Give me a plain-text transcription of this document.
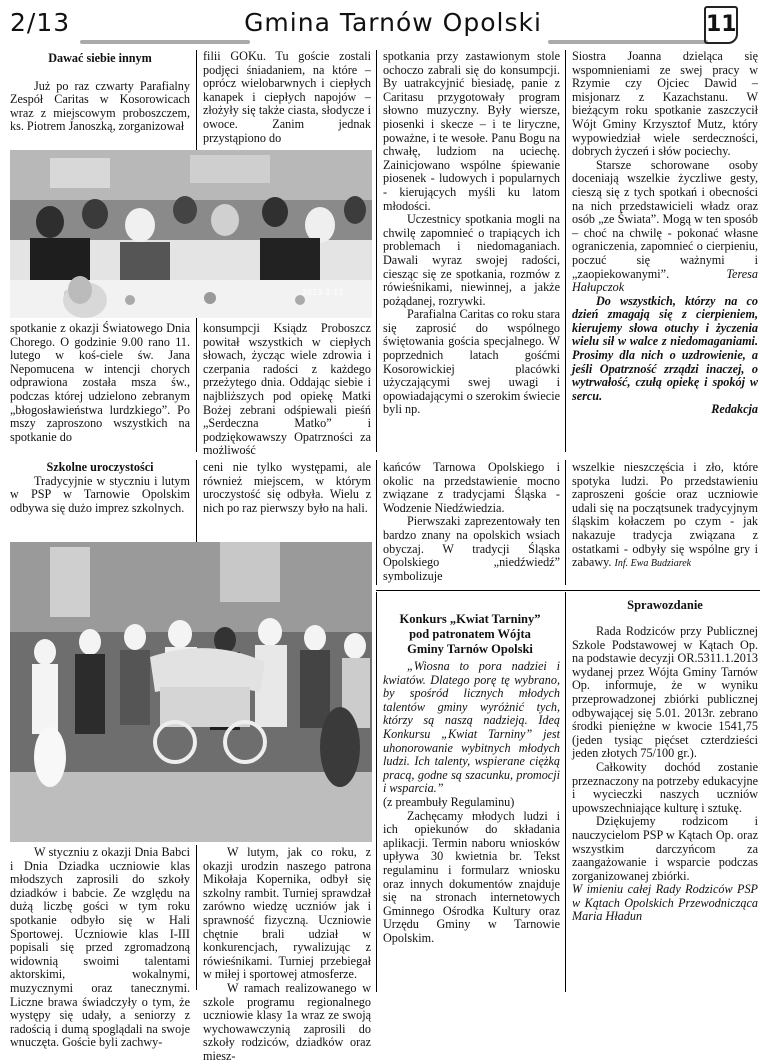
2/13	Gmina Tarnów Opolski	11

Dawać siebie innym

Już po raz czwarty Parafialny Zespół Caritas w Kosorowicach wraz z miejscowym proboszczem, ks. Piotrem Janoszką, zorganizował

filii GOKu. Tu goście zostali podjęci śniadaniem, na które – oprócz wielobarwnych i ciepłych kanapek i ciepłych napojów – złożyły się także ciasta, słodycze i owoce. Zanim jednak przystąpiono do

2013-2-11

spotkanie z okazji Światowego Dnia Chorego. O godzinie 9.00 rano 11. lutego w koś-ciele św. Jana Nepomucena w intencji chorych odprawiona została msza św., podczas której udzielono zebranym „błogosławieństwa lurdzkiego”. Po mszy zaproszono wszystkich na spotkanie do

konsumpcji Ksiądz Proboszcz powitał wszystkich w ciepłych słowach, życząc wiele zdrowia i czerpania radości z każdego przeżytego dnia. Oddając siebie i najbliższych pod opiekę Matki Bożej zebrani odśpiewali pieśń „Serdeczna Matko” i podziękowawszy Opatrzności za możliwość

spotkania przy zastawionym stole ochoczo zabrali się do konsumpcji. By uatrakcyjnić biesiadę, panie z Caritasu przygotowały program słowno muzyczny. Były wiersze, piosenki i skecze – i te liryczne, poważne, i te wesołe. Panu Bogu na chwałę, ludziom na uciechę. Zainicjowano wspólne śpiewanie piosenek - ludowych i popularnych - kierujących myśli ku latom młodości.

Uczestnicy spotkania mogli na chwilę zapomnieć o trapiących ich problemach i niedomaganiach. Dawali wyraz swojej radości, ciesząc się ze spotkania, rozmów z rówieśnikami, niewinnej, a jakże pożądanej, rozrywki.

Parafialna Caritas co roku stara się zaprosić do wspólnego świętowania gościa specjalnego. W poprzednich latach gośćmi Kosorowickiej placówki użyczającymi swej uwagi i opowiadającymi o szerokim świecie byli np.

Siostra Joanna dzieląca się wspomnieniami ze swej pracy w Rzymie czy Ojciec Dawid – misjonarz z Kazachstanu. W bieżącym roku spotkanie zaszczycił Wójt Gminy Krzysztof Mutz, który wypowiedział wiele serdeczności, dobrych życzeń i słów pociechy.

Starsze schorowane osoby doceniają wszelkie życzliwe gesty, cieszą się z tych spotkań i obecności na nich przedstawicieli władz oraz osób „ze Świata”. Mogą w ten sposób – choć na chwilę - pokonać własne ograniczenia, zapomnieć o cierpieniu, poczuć się ważnymi i „zaopiekowanymi”. Teresa Hałupczok

Do wszystkich, którzy na co dzień zmagają się z cierpieniem, kierujemy słowa otuchy i życzenia wielu sił w walce z niedomaganiami. Prosimy dla nich o uzdrowienie, a jeśli Opatrzność zrządzi inaczej, o wytrwałość, czułą opiekę i spokój w sercu.

Redakcja

Szkolne uroczystości

Tradycyjnie w styczniu i lutym w PSP w Tarnowie Opolskim odbywa się dużo imprez szkolnych.

ceni nie tylko występami, ale również miejscem, w którym uroczystość się odbyła. Wielu z nich po raz pierwszy było na hali.

kańców Tarnowa Opolskiego i okolic na przedstawienie mocno związane z tradycjami Śląska - Wodzenie Niedźwiedzia.

Pierwszaki zaprezentowały ten bardzo znany na opolskich wsiach obyczaj. W tradycji Śląska Opolskiego „niedźwiedź” symbolizuje

wszelkie nieszczęścia i zło, które spotyka ludzi. Po przedstawieniu zaproszeni goście oraz uczniowie udali się na początsunek tradycyjnym śląskim kołaczem po czym - jak nakazuje tradycja związana z ostatkami - odbyły się wspólne gry i zabawy. Inf. Ewa Budziarek

W styczniu z okazji Dnia Babci i Dnia Dziadka uczniowie klas młodszych zaprosili do szkoły dziadków i babcie. Ze względu na dużą liczbę gości w tym roku spotkanie odbyło się w Hali Sportowej. Uczniowie klas I-III popisali się przed zgromadzoną widownią swoimi talentami aktorskimi, wokalnymi, muzycznymi oraz tanecznymi. Liczne brawa świadczyły o tym, że występy się udały, a seniorzy z radością i dumą spoglądali na swoje wnuczęta. Goście byli zachwy-

W lutym, jak co roku, z okazji urodzin naszego patrona Mikołaja Kopernika, odbył się szkolny rambit. Turniej sprawdzał zarówno wiedzę uczniów jak i sprawność fizyczną. Uczniowie chętnie brali udział w konkurencjach, rywalizując z rówieśnikami. Turniej przebiegał w miłej i sportowej atmosferze.

W ramach realizowanego w szkole programu regionalnego uczniowie klasy 1a wraz ze swoją wychowawczynią zaprosili do szkoły rodziców, dziadków oraz miesz-

Konkurs „Kwiat Tarniny” pod patronatem Wójta Gminy Tarnów Opolski

„Wiosna to pora nadziei i kwiatów. Dlatego porę tę wybrano, by spośród licznych młodych talentów gminy wyróżnić tych, którzy są naszą nadzieją. Ideą Konkursu „Kwiat Tarniny” jest uhonorowanie wybitnych młodych ludzi. Ich talenty, wspierane ciężką pracą, godne są szacunku, promocji i wsparcia.”

(z preambuły Regulaminu)

Zachęcamy młodych ludzi i ich opiekunów do składania aplikacji. Termin naboru wniosków upływa 30 kwietnia br. Tekst regulaminu i formularz wniosku oraz innych dokumentów znajduje się na stronach internetowych Gminnego Ośrodka Kultury oraz Urzędu Gminy w Tarnowie Opolskim.

Sprawozdanie

Rada Rodziców przy Publicznej Szkole Podstawowej w Kątach Op. na podstawie decyzji OR.5311.1.2013 wydanej przez Wójta Gminy Tarnów Op. informuje, że w wyniku przeprowadzonej zbiórki publicznej odbywającej się 5.01. 2013r. zebrano środki pieniężne w kwocie 1541,75 (jeden tysiąc pięćset czterdzieści jeden złotych 75/100 gr.).

Całkowity dochód zostanie przeznaczony na potrzeby edukacyjne i wycieczki naszych uczniów upowszechniające kulturę i sztukę.

Dziękujemy rodzicom i nauczycielom PSP w Kątach Op. oraz wszystkim darczyńcom za zaangażowanie i wsparcie podczas zorganizowanej zbiórki.

W imieniu całej Rady Rodziców PSP w Kątach Opolskich Przewodnicząca Maria Hładun
